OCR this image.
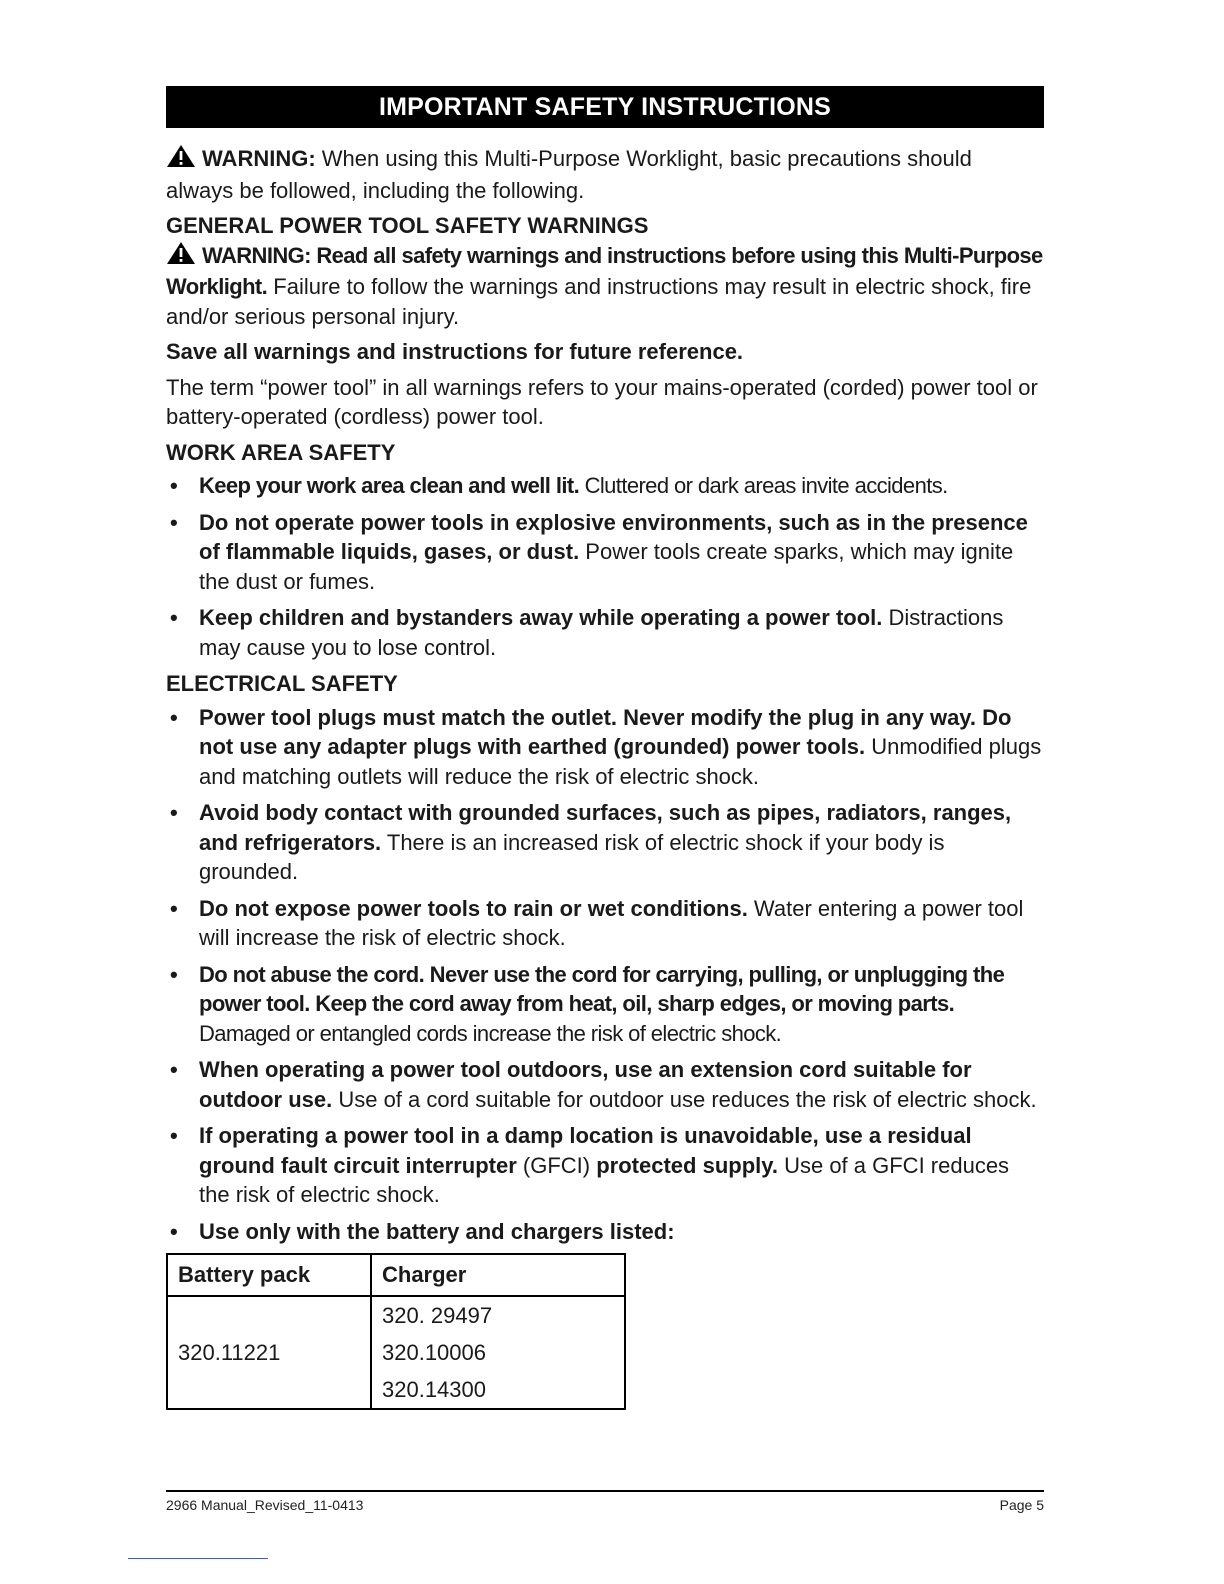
IMPORTANT SAFETY INSTRUCTIONS

WARNING: When using this Multi-Purpose Worklight, basic precautions should always be followed, including the following.

GENERAL POWER TOOL SAFETY WARNINGS

WARNING: Read all safety warnings and instructions before using this Multi-Purpose Worklight. Failure to follow the warnings and instructions may result in electric shock, fire and/or serious personal injury.

Save all warnings and instructions for future reference.

The term “power tool” in all warnings refers to your mains-operated (corded) power tool or battery-operated (cordless) power tool.

WORK AREA SAFETY
• Keep your work area clean and well lit. Cluttered or dark areas invite accidents.
• Do not operate power tools in explosive environments, such as in the presence of flammable liquids, gases, or dust. Power tools create sparks, which may ignite the dust or fumes.
• Keep children and bystanders away while operating a power tool. Distractions may cause you to lose control.
ELECTRICAL SAFETY
• Power tool plugs must match the outlet. Never modify the plug in any way. Do not use any adapter plugs with earthed (grounded) power tools. Unmodified plugs and matching outlets will reduce the risk of electric shock.
• Avoid body contact with grounded surfaces, such as pipes, radiators, ranges, and refrigerators. There is an increased risk of electric shock if your body is grounded.
• Do not expose power tools to rain or wet conditions. Water entering a power tool will increase the risk of electric shock.
• Do not abuse the cord. Never use the cord for carrying, pulling, or unplugging the power tool. Keep the cord away from heat, oil, sharp edges, or moving parts. Damaged or entangled cords increase the risk of electric shock.
• When operating a power tool outdoors, use an extension cord suitable for outdoor use. Use of a cord suitable for outdoor use reduces the risk of electric shock.
• If operating a power tool in a damp location is unavoidable, use a residual ground fault circuit interrupter (GFCI) protected supply. Use of a GFCI reduces the risk of electric shock.
• Use only with the battery and chargers listed:
Battery pack	Charger
320.11221	320. 29497
320.10006
320.14300
2966 Manual_Revised_11-0413	Page 5
